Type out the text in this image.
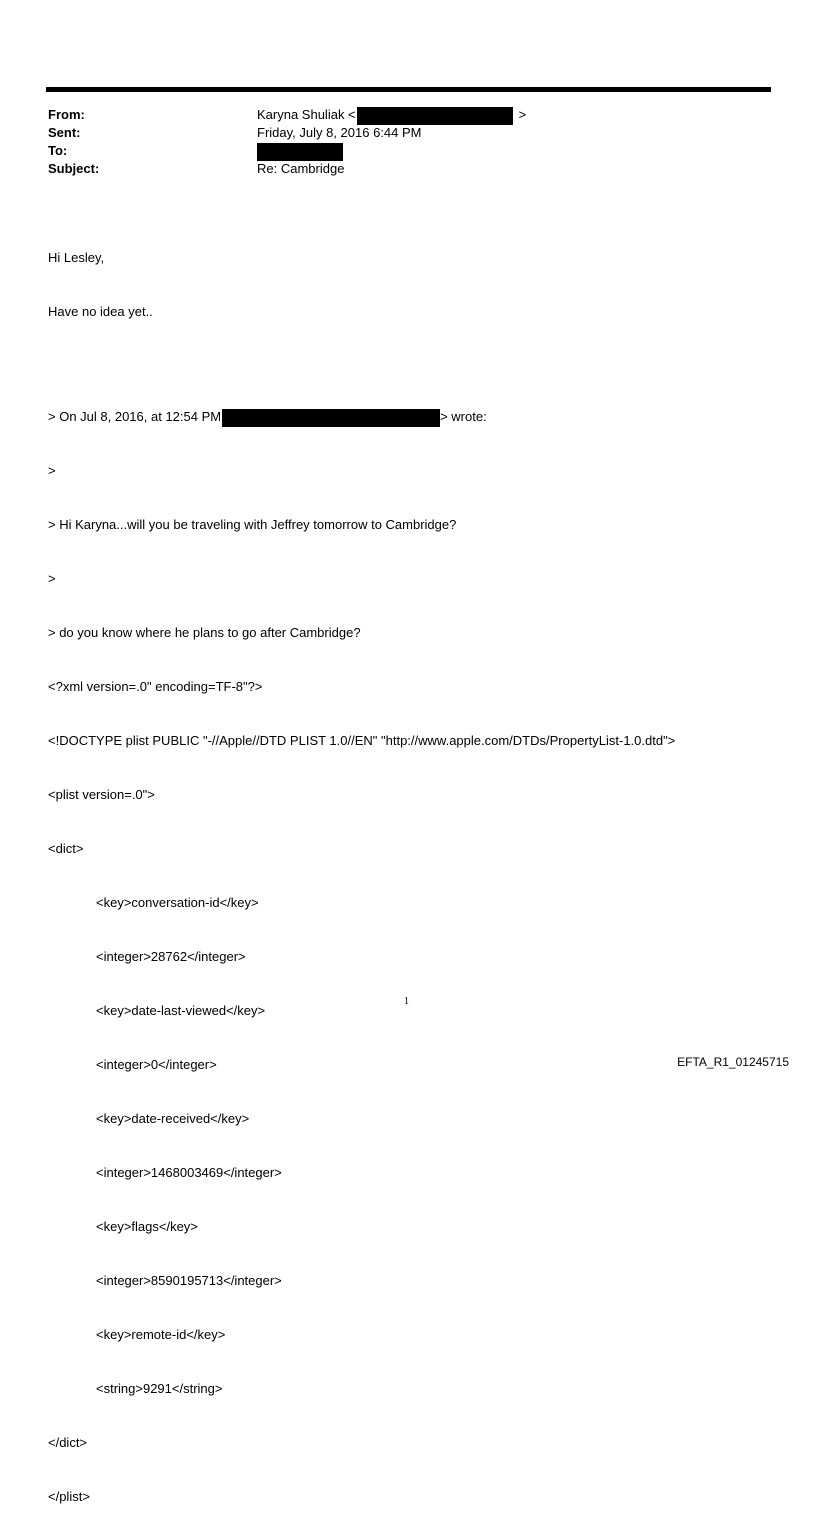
From:	Karyna Shuliak <	>
Sent:	Friday, July 8, 2016 6:44 PM
To:
Subject:	Re: Cambridge

Hi Lesley,

Have no idea yet..

> On Jul 8, 2016, at 12:54 PM	> wrote:

>

> Hi Karyna...will you be traveling with Jeffrey tomorrow to Cambridge?

>

> do you know where he plans to go after Cambridge?

<?xml version=.0" encoding=TF-8"?>

<!DOCTYPE plist PUBLIC "-//Apple//DTD PLIST 1.0//EN" "http://www.apple.com/DTDs/PropertyList-1.0.dtd">

<plist version=.0">

<dict>

<key>conversation-id</key>

<integer>28762</integer>

<key>date-last-viewed</key>

<integer>0</integer>

<key>date-received</key>

<integer>1468003469</integer>

<key>flags</key>

<integer>8590195713</integer>

<key>remote-id</key>

<string>9291</string>

</dict>

</plist>

1
EFTA_R1_01245715
